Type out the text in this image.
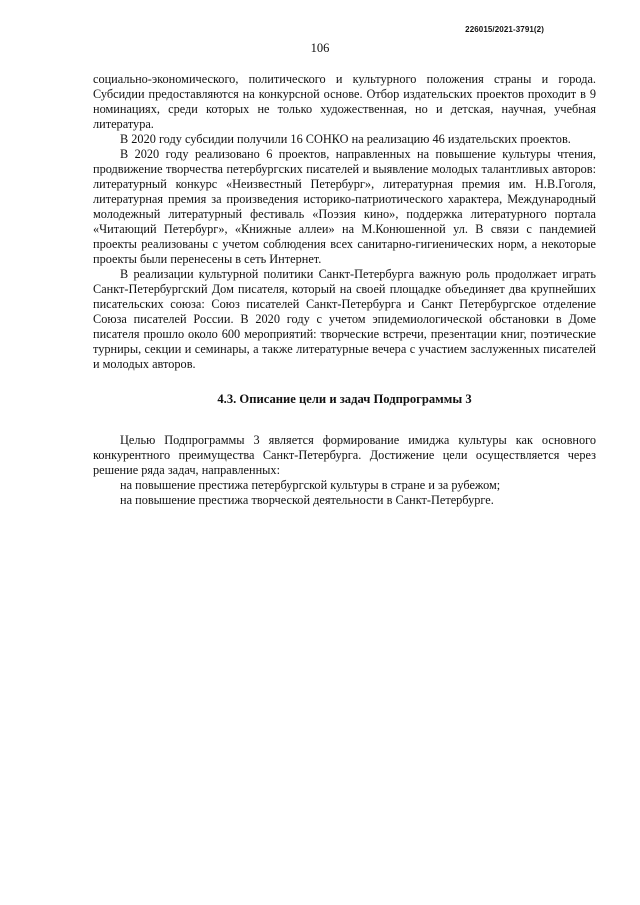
226015/2021-3791(2)
106

социально-экономического, политического и культурного положения страны и города. Субсидии предоставляются на конкурсной основе. Отбор издательских проектов проходит в 9 номинациях, среди которых не только художественная, но и детская, научная, учебная литература.

В 2020 году субсидии получили 16 СОНКО на реализацию 46 издательских проектов.

В 2020 году реализовано 6 проектов, направленных на повышение культуры чтения, продвижение творчества петербургских писателей и выявление молодых талантливых авторов: литературный конкурс «Неизвестный Петербург», литературная премия им. Н.В.Гоголя, литературная премия за произведения историко-патриотического характера, Международный молодежный литературный фестиваль «Поэзия кино», поддержка литературного портала «Читающий Петербург», «Книжные аллеи» на М.Конюшенной ул. В связи с пандемией проекты реализованы с учетом соблюдения всех санитарно-гигиенических норм, а некоторые проекты были перенесены в сеть Интернет.

В реализации культурной политики Санкт-Петербурга важную роль продолжает играть Санкт-Петербургский Дом писателя, который на своей площадке объединяет два крупнейших писательских союза: Союз писателей Санкт-Петербурга и Санкт Петербургское отделение Союза писателей России. В 2020 году с учетом эпидемиологической обстановки в Доме писателя прошло около 600 мероприятий: творческие встречи, презентации книг, поэтические турниры, секции и семинары, а также литературные вечера с участием заслуженных писателей и молодых авторов.

4.3. Описание цели и задач Подпрограммы 3

Целью Подпрограммы 3 является формирование имиджа культуры как основного конкурентного преимущества Санкт-Петербурга. Достижение цели осуществляется через решение ряда задач, направленных:

на повышение престижа петербургской культуры в стране и за рубежом;

на повышение престижа творческой деятельности в Санкт-Петербурге.
